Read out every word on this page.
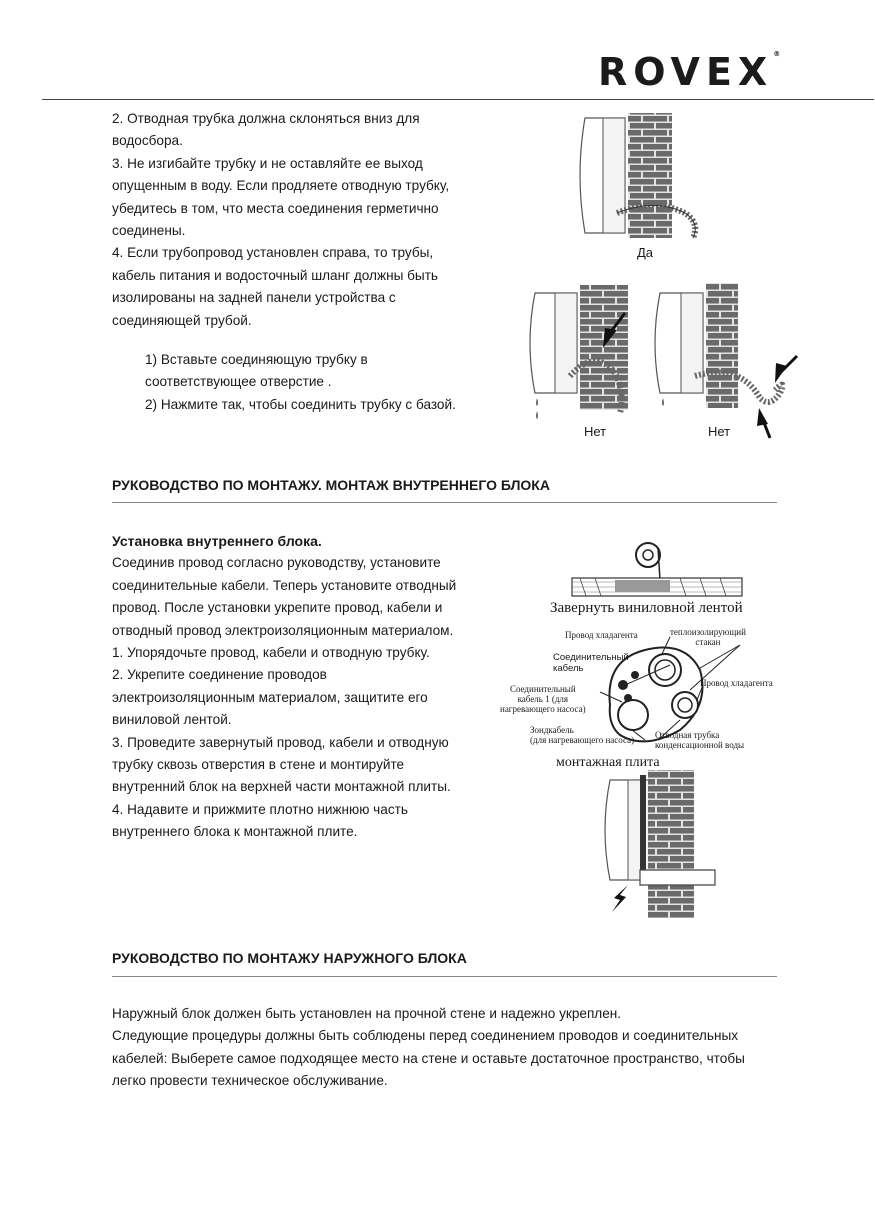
ROVEX®

2. Отводная трубка должна склоняться вниз для

водосбора.

3. Не изгибайте трубку и не оставляйте ее выход

опущенным в воду. Если продляете отводную трубку,

убедитесь в том, что места соединения герметично

соединены.

4. Если трубопровод установлен справа, то трубы,

кабель питания и водосточный шланг должны быть

изолированы на задней панели устройства с

соединяющей трубой.

1) Вставьте соединяющую трубку в

соответствующее отверстие .

2) Нажмите так, чтобы соединить трубку с базой.

Да
Нет	Нет
РУКОВОДСТВО ПО МОНТАЖУ. МОНТАЖ ВНУТРЕННЕГО БЛОКА

Установка внутреннего блока.

Соединив провод согласно руководству, установите

соединительные кабели. Теперь установите отводный

провод. После установки укрепите провод, кабели и

отводный провод электроизоляционным материалом.

1. Упорядочьте провод, кабели и отводную трубку.

2. Укрепите соединение проводов

электроизоляционным материалом, защитите его

виниловой лентой.

3. Проведите завернутый провод, кабели и отводную

трубку сквозь отверстия в стене и монтируйте

внутренний блок на верхней части монтажной плиты.

4. Надавите и прижмите плотно нижнюю часть

внутреннего блока к монтажной плите.

Завернуть виниловной лентой
Провод хладагента	теплоизолирующий
стакан
Соединительный
кабель
Провод хладагента
Соединительный
кабель 1 (для
нагревающего насоса)
Зондкабель
(для нагревающего насоса) Отводная трубка
конденсационной воды
монтажная плита
РУКОВОДСТВО ПО МОНТАЖУ НАРУЖНОГО БЛОКА

Наружный блок должен быть установлен на прочной стене и надежно укреплен.

Следующие процедуры должны быть соблюдены перед соединением проводов и соединительных

кабелей: Выберете самое подходящее место на стене и оставьте достаточное пространство, чтобы

легко провести техническое обслуживание.
